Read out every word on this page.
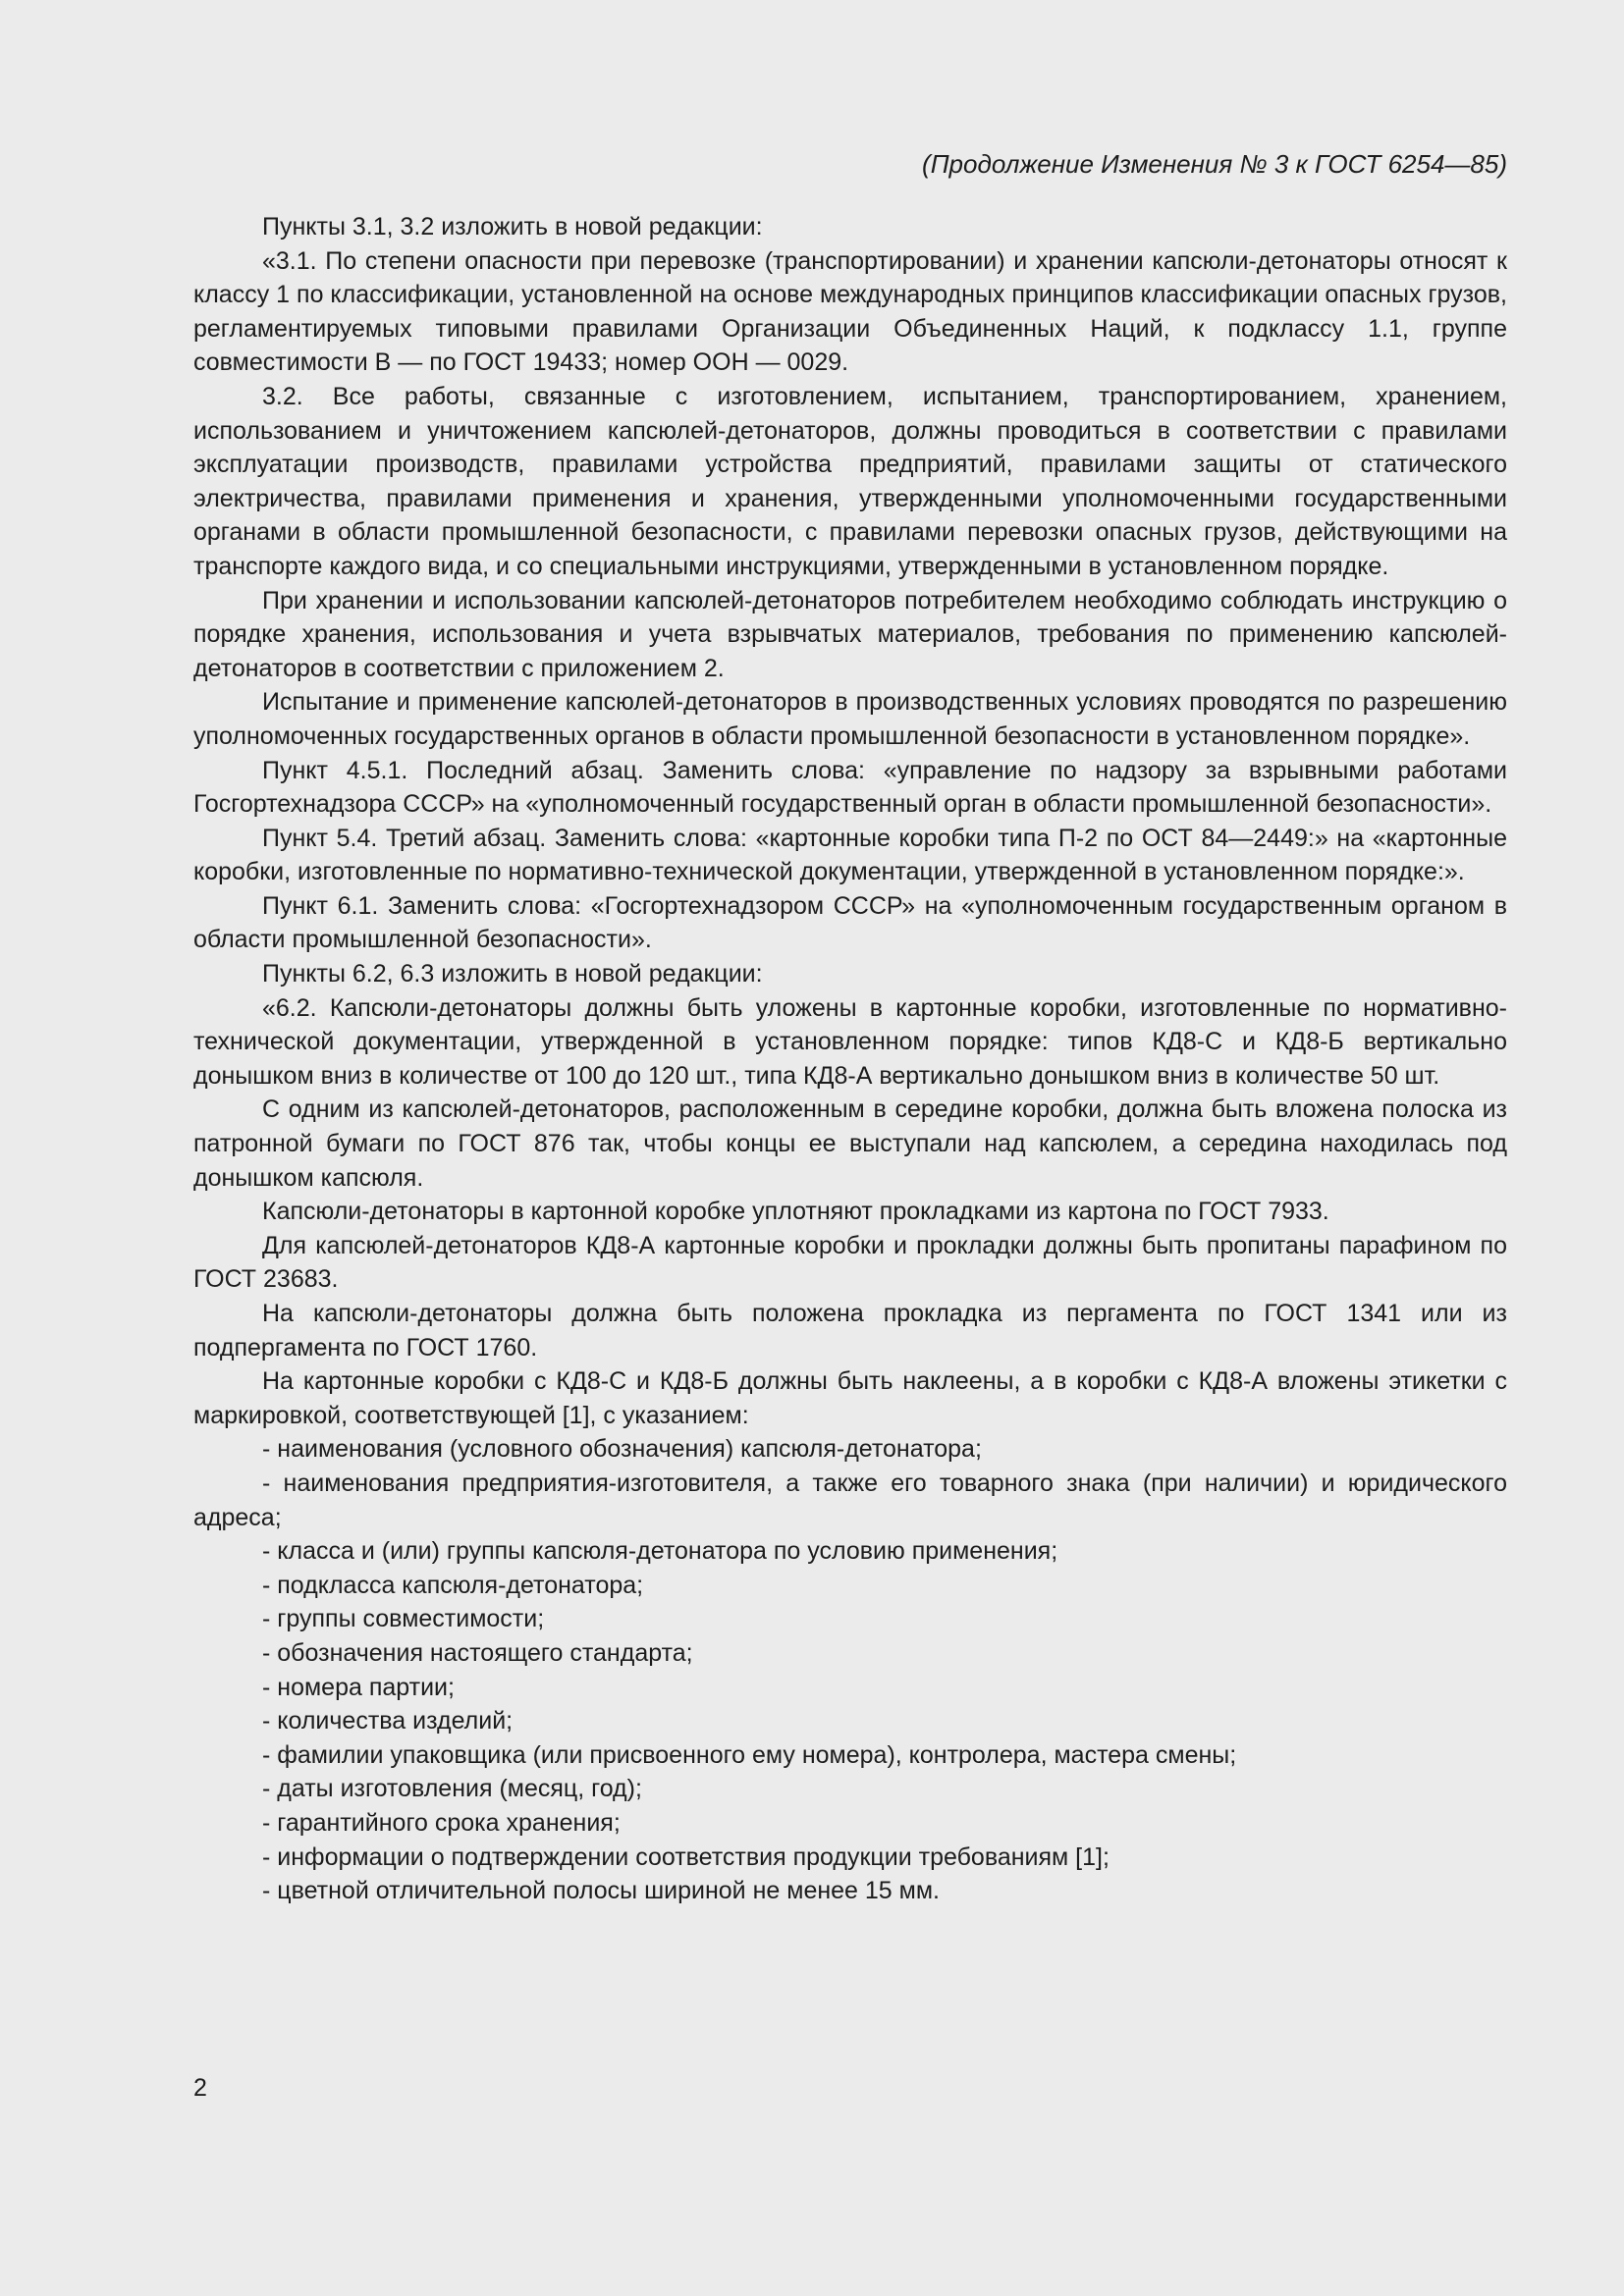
(Продолжение Изменения № 3 к ГОСТ 6254—85)

Пункты 3.1, 3.2 изложить в новой редакции:

«3.1. По степени опасности при перевозке (транспортировании) и хранении капсюли-детонаторы относят к классу 1 по классификации, установленной на основе международных принципов классификации опасных грузов, регламентируемых типовыми правилами Организации Объединенных Наций, к подклассу 1.1, группе совместимости В — по ГОСТ 19433; номер ООН — 0029.

3.2. Все работы, связанные с изготовлением, испытанием, транспортированием, хранением, использованием и уничтожением капсюлей-детонаторов, должны проводиться в соответствии с правилами эксплуатации производств, правилами устройства предприятий, правилами защиты от статического электричества, правилами применения и хранения, утвержденными уполномоченными государственными органами в области промышленной безопасности, с правилами перевозки опасных грузов, действующими на транспорте каждого вида, и со специальными инструкциями, утвержденными в установленном порядке.

При хранении и использовании капсюлей-детонаторов потребителем необходимо соблюдать инструкцию о порядке хранения, использования и учета взрывчатых материалов, требования по применению капсюлей-детонаторов в соответствии с приложением 2.

Испытание и применение капсюлей-детонаторов в производственных условиях проводятся по разрешению уполномоченных государственных органов в области промышленной безопасности в установленном порядке».

Пункт 4.5.1. Последний абзац. Заменить слова: «управление по надзору за взрывными работами Госгортехнадзора СССР» на «уполномоченный государственный орган в области промышленной безопасности».

Пункт 5.4. Третий абзац. Заменить слова: «картонные коробки типа П-2 по ОСТ 84—2449:» на «картонные коробки, изготовленные по нормативно-технической документации, утвержденной в установленном порядке:».

Пункт 6.1. Заменить слова: «Госгортехнадзором СССР» на «уполномоченным государственным органом в области промышленной безопасности».

Пункты 6.2, 6.3 изложить в новой редакции:

«6.2. Капсюли-детонаторы должны быть уложены в картонные коробки, изготовленные по нормативно-технической документации, утвержденной в установленном порядке: типов КД8-С и КД8-Б вертикально донышком вниз в количестве от 100 до 120 шт., типа КД8-А вертикально донышком вниз в количестве 50 шт.

С одним из капсюлей-детонаторов, расположенным в середине коробки, должна быть вложена полоска из патронной бумаги по ГОСТ 876 так, чтобы концы ее выступали над капсюлем, а середина находилась под донышком капсюля.

Капсюли-детонаторы в картонной коробке уплотняют прокладками из картона по ГОСТ 7933.

Для капсюлей-детонаторов КД8-А картонные коробки и прокладки должны быть пропитаны парафином по ГОСТ 23683.

На капсюли-детонаторы должна быть положена прокладка из пергамента по ГОСТ 1341 или из подпергамента по ГОСТ 1760.

На картонные коробки с КД8-С и КД8-Б должны быть наклеены, а в коробки с КД8-А вложены этикетки с маркировкой, соответствующей [1], с указанием:

- наименования (условного обозначения) капсюля-детонатора;

- наименования предприятия-изготовителя, а также его товарного знака (при наличии) и юридического адреса;

- класса и (или) группы капсюля-детонатора по условию применения;

- подкласса капсюля-детонатора;

- группы совместимости;

- обозначения настоящего стандарта;

- номера партии;

- количества изделий;

- фамилии упаковщика (или присвоенного ему номера), контролера, мастера смены;

- даты изготовления (месяц, год);

- гарантийного срока хранения;

- информации о подтверждении соответствия продукции требованиям [1];

- цветной отличительной полосы шириной не менее 15 мм.

2
